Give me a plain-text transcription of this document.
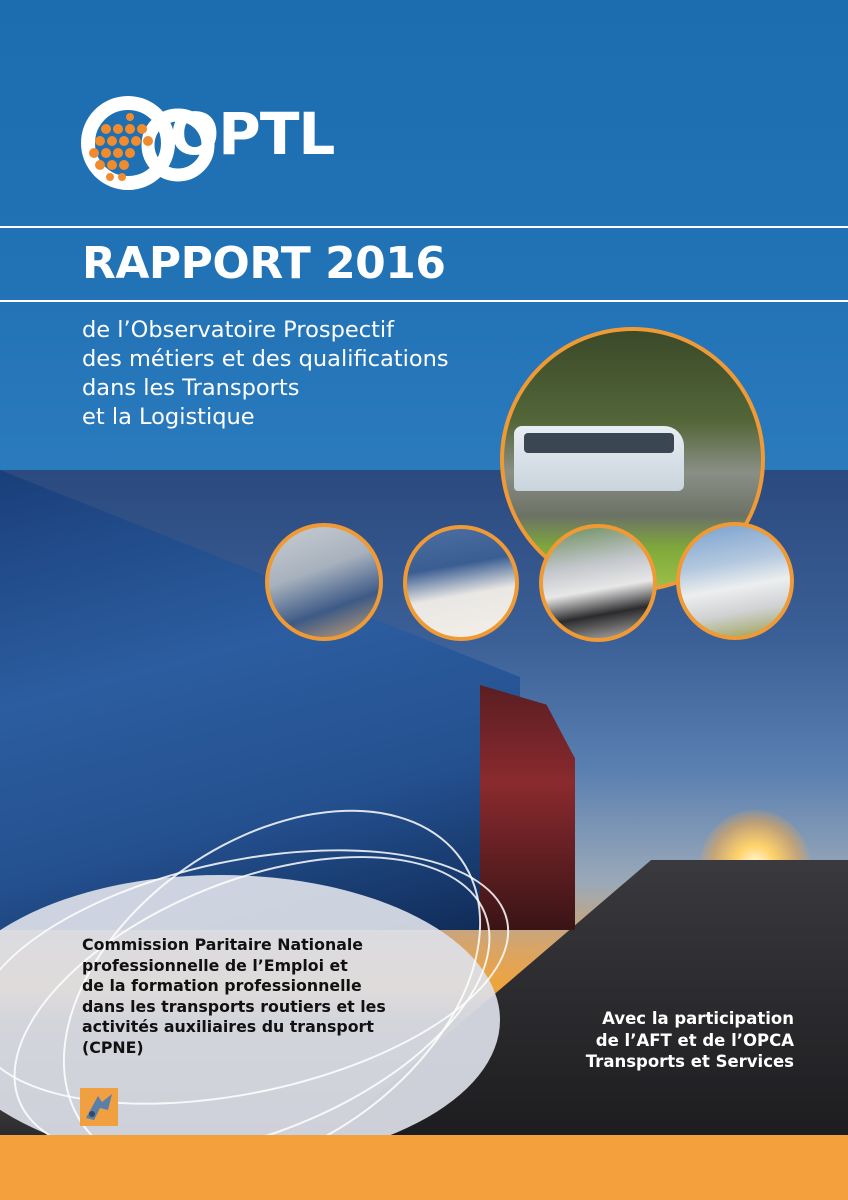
OPTL
RAPPORT 2016
de l’Observatoire Prospectif
des métiers et des qualifications
dans les Transports
et la Logistique
Commission Paritaire Nationale
professionnelle de l’Emploi et
de la formation professionnelle
dans les transports routiers et les
activités auxiliaires du transport
(CPNE)
Avec la participation
de l’AFT et de l’OPCA
Transports et Services
